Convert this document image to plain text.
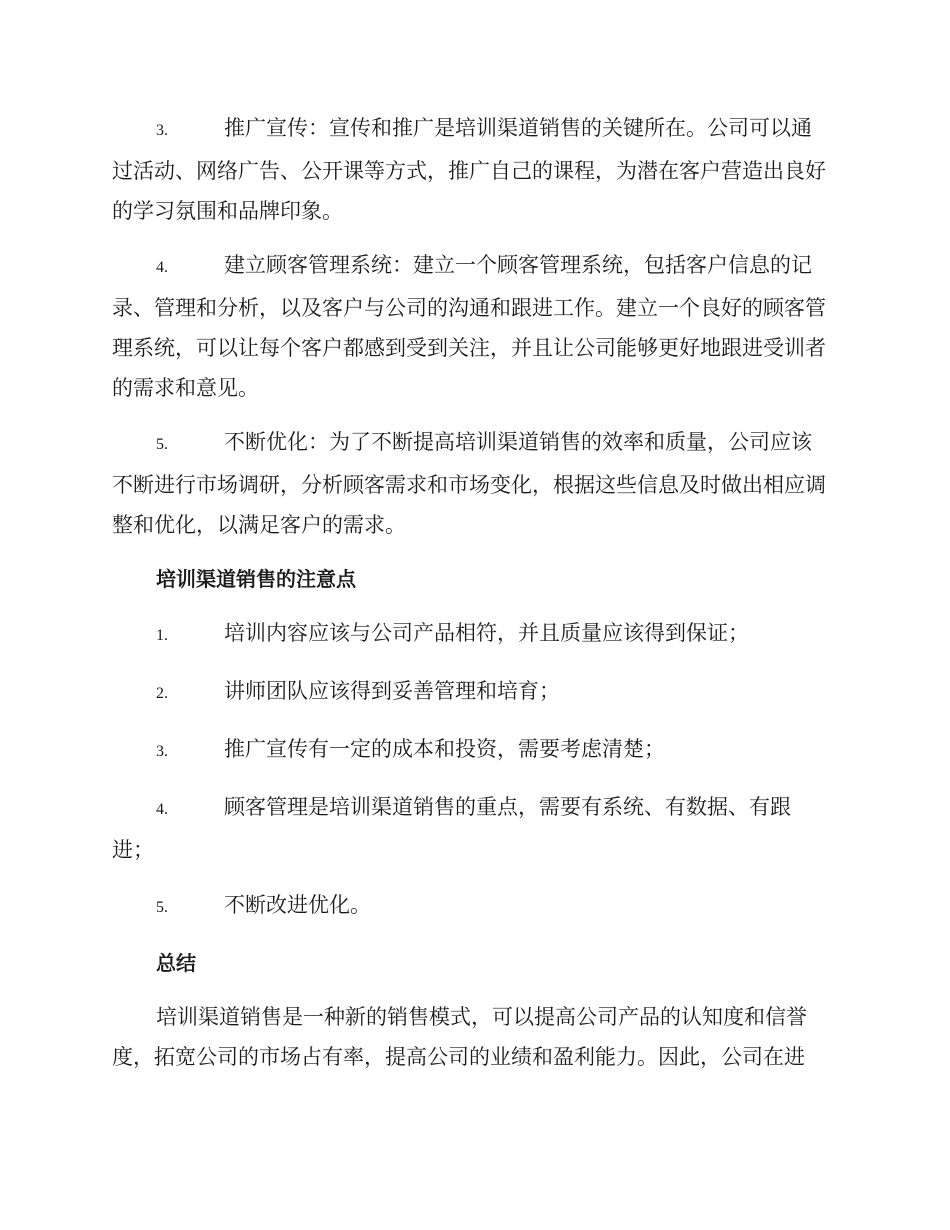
3.	推广宣传：宣传和推广是培训渠道销售的关键所在。公司可以通过活动、网络广告、公开课等方式，推广自己的课程，为潜在客户营造出良好的学习氛围和品牌印象。

4.	建立顾客管理系统：建立一个顾客管理系统，包括客户信息的记录、管理和分析，以及客户与公司的沟通和跟进工作。建立一个良好的顾客管理系统，可以让每个客户都感到受到关注，并且让公司能够更好地跟进受训者的需求和意见。

5.	不断优化：为了不断提高培训渠道销售的效率和质量，公司应该不断进行市场调研，分析顾客需求和市场变化，根据这些信息及时做出相应调整和优化，以满足客户的需求。

培训渠道销售的注意点

1.	培训内容应该与公司产品相符，并且质量应该得到保证；

2.	讲师团队应该得到妥善管理和培育；

3.	推广宣传有一定的成本和投资，需要考虑清楚；

4.	顾客管理是培训渠道销售的重点，需要有系统、有数据、有跟进；

5.	不断改进优化。

总结

培训渠道销售是一种新的销售模式，可以提高公司产品的认知度和信誉度，拓宽公司的市场占有率，提高公司的业绩和盈利能力。因此，公司在进
